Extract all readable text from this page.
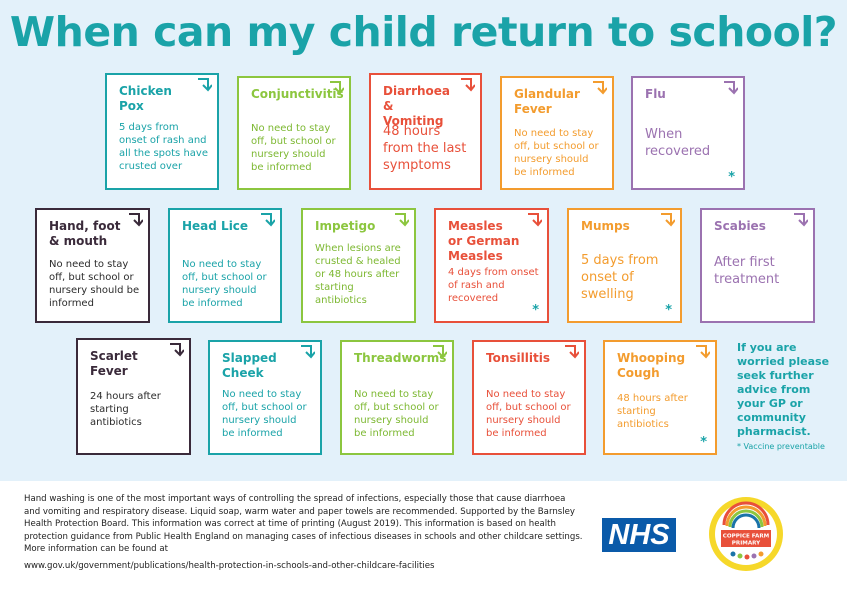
When can my child return to school?
Chicken Pox
5 days from onset of rash and all the spots have crusted over
Conjunctivitis
No need to stay off, but school or nursery should be informed
Diarrhoea & Vomiting
48 hours from the last symptoms
Glandular Fever
No need to stay off, but school or nursery should be informed
Flu
When recovered
*
Hand, foot & mouth
No need to stay off, but school or nursery should be informed
Head Lice
No need to stay off, but school or nursery should be informed
Impetigo
When lesions are crusted & healed or 48 hours after starting antibiotics
Measles or German Measles
4 days from onset of rash and recovered
*
Mumps
5 days from onset of swelling
*
Scabies
After first treatment
Scarlet Fever
24 hours after starting antibiotics
Slapped Cheek
No need to stay off, but school or nursery should be informed
Threadworms
No need to stay off, but school or nursery should be informed
Tonsillitis
No need to stay off, but school or nursery should be informed
Whooping Cough
48 hours after starting antibiotics
*
If you are worried please seek further advice from your GP or community pharmacist.
* Vaccine preventable
Hand washing is one of the most important ways of controlling the spread of infections, especially those that cause diarrhoea and vomiting and respiratory disease. Liquid soap, warm water and paper towels are recommended. Supported by the Barnsley Health Protection Board. This information was correct at time of printing (August 2019). This information is based on health protection guidance from Public Health England on managing cases of infectious diseases in schools and other childcare settings. More information can be found at
www.gov.uk/government/publications/health-protection-in-schools-and-other-childcare-facilities
NHS	COPPICE FARM
PRIMARY
